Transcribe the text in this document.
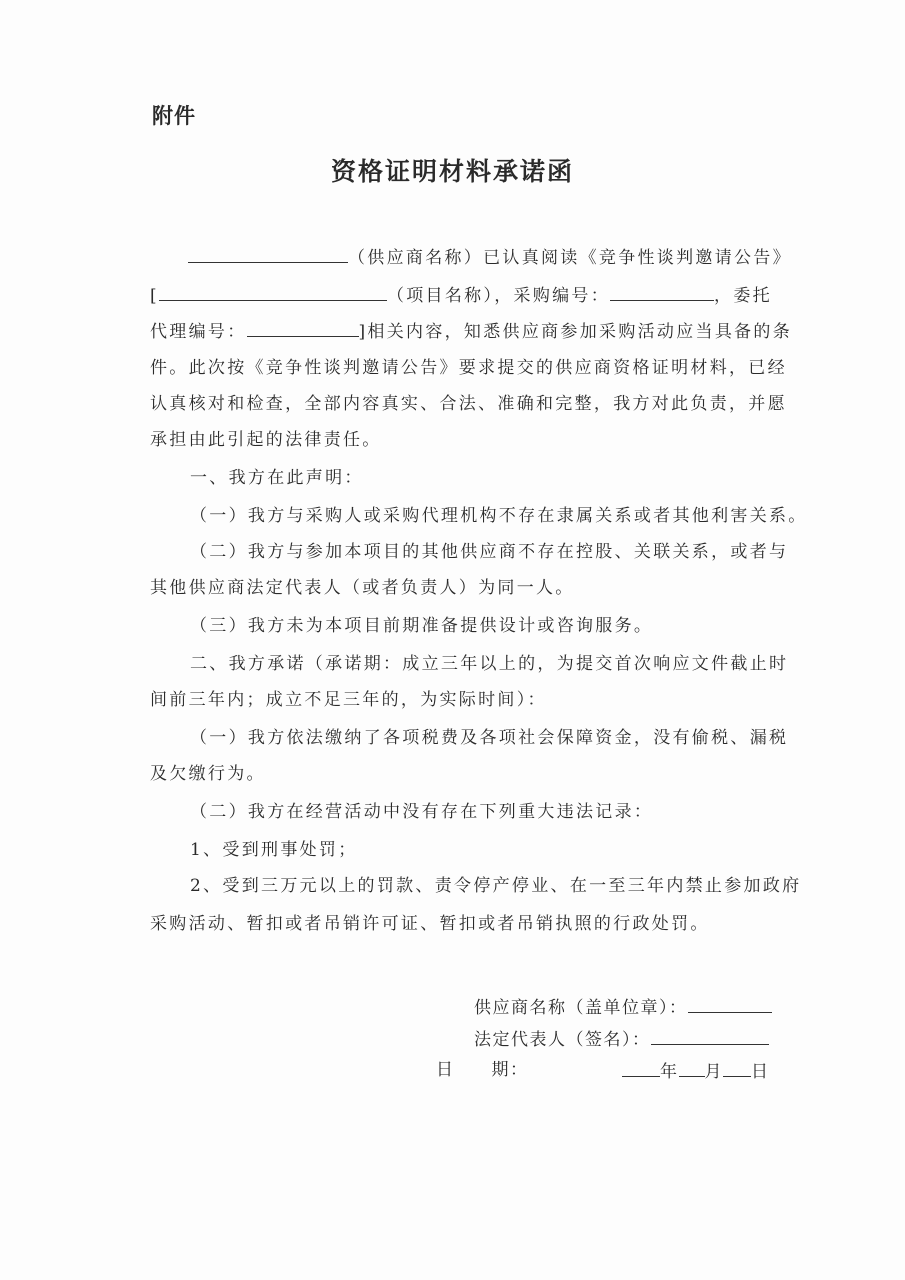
附件
资格证明材料承诺函
（供应商名称）已认真阅读《竞争性谈判邀请公告》
[	（项目名称），采购编号：	，委托
代理编号：	]相关内容，知悉供应商参加采购活动应当具备的条
件。此次按《竞争性谈判邀请公告》要求提交的供应商资格证明材料，已经
认真核对和检查，全部内容真实、合法、准确和完整，我方对此负责，并愿
承担由此引起的法律责任。
一、我方在此声明：
（一）我方与采购人或采购代理机构不存在隶属关系或者其他利害关系。
（二）我方与参加本项目的其他供应商不存在控股、关联关系，或者与
其他供应商法定代表人（或者负责人）为同一人。
（三）我方未为本项目前期准备提供设计或咨询服务。
二、我方承诺（承诺期：成立三年以上的，为提交首次响应文件截止时
间前三年内；成立不足三年的，为实际时间）：
（一）我方依法缴纳了各项税费及各项社会保障资金，没有偷税、漏税
及欠缴行为。
（二）我方在经营活动中没有存在下列重大违法记录：
1、受到刑事处罚；
2、受到三万元以上的罚款、责令停产停业、在一至三年内禁止参加政府
采购活动、暂扣或者吊销许可证、暂扣或者吊销执照的行政处罚。
供应商名称（盖单位章）：
法定代表人（签名）：
日　　期：	年 月 日
